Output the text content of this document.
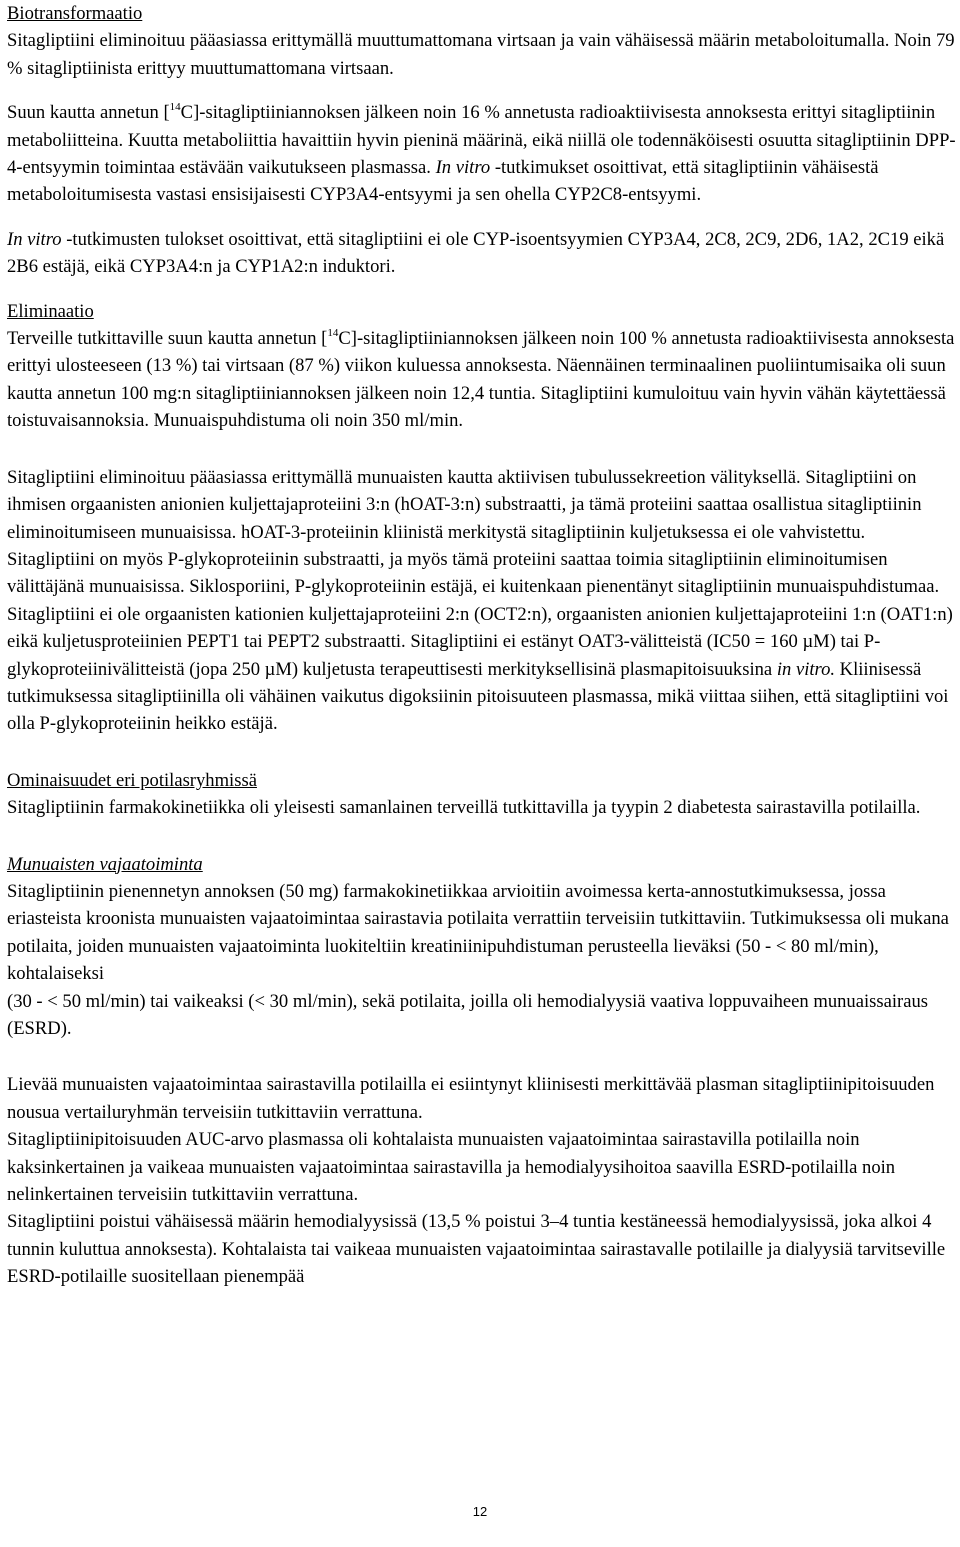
Biotransformaatio

Sitagliptiini eliminoituu pääasiassa erittymällä muuttumattomana virtsaan ja vain vähäisessä määrin metaboloitumalla. Noin 79 % sitagliptiinista erittyy muuttumattomana virtsaan.

Suun kautta annetun [$^{14}$C]-sitagliptiiniannoksen jälkeen noin 16 % annetusta radioaktiivisesta annoksesta erittyi sitagliptiinin metaboliitteina. Kuutta metaboliittia havaittiin hyvin pieninä määrinä, eikä niillä ole todennäköisesti osuutta sitagliptiinin DPP-4-entsyymin toimintaa estävään vaikutukseen plasmassa. In vitro -tutkimukset osoittivat, että sitagliptiinin vähäisestä metaboloitumisesta vastasi ensisijaisesti CYP3A4-entsyymi ja sen ohella CYP2C8-entsyymi.

In vitro -tutkimusten tulokset osoittivat, että sitagliptiini ei ole CYP-isoentsyymien CYP3A4, 2C8, 2C9, 2D6, 1A2, 2C19 eikä 2B6 estäjä, eikä CYP3A4:n ja CYP1A2:n induktori.

Eliminaatio

Terveille tutkittaville suun kautta annetun [$^{14}$C]-sitagliptiiniannoksen jälkeen noin 100 % annetusta radioaktiivisesta annoksesta erittyi ulosteeseen (13 %) tai virtsaan (87 %) viikon kuluessa annoksesta. Näennäinen terminaalinen puoliintumisaika oli suun kautta annetun 100 mg:n sitagliptiiniannoksen jälkeen noin 12,4 tuntia. Sitagliptiini kumuloituu vain hyvin vähän käytettäessä toistuvaisannoksia. Munuaispuhdistuma oli noin 350 ml/min.

Sitagliptiini eliminoituu pääasiassa erittymällä munuaisten kautta aktiivisen tubulussekreetion välityksellä. Sitagliptiini on ihmisen orgaanisten anionien kuljettajaproteiini 3:n (hOAT-3:n) substraatti, ja tämä proteiini saattaa osallistua sitagliptiinin eliminoitumiseen munuaisissa. hOAT-3-proteiinin kliinistä merkitystä sitagliptiinin kuljetuksessa ei ole vahvistettu. Sitagliptiini on myös P-glykoproteiinin substraatti, ja myös tämä proteiini saattaa toimia sitagliptiinin eliminoitumisen välittäjänä munuaisissa. Siklosporiini, P-glykoproteiinin estäjä, ei kuitenkaan pienentänyt sitagliptiinin munuaispuhdistumaa. Sitagliptiini ei ole orgaanisten kationien kuljettajaproteiini 2:n (OCT2:n), orgaanisten anionien kuljettajaproteiini 1:n (OAT1:n) eikä kuljetusproteiinien PEPT1 tai PEPT2 substraatti. Sitagliptiini ei estänyt OAT3-välitteistä (IC50 = 160 µM) tai P-glykoproteiinivälitteistä (jopa 250 µM) kuljetusta terapeuttisesti merkityksellisinä plasmapitoisuuksina in vitro. Kliinisessä tutkimuksessa sitagliptiinilla oli vähäinen vaikutus digoksiinin pitoisuuteen plasmassa, mikä viittaa siihen, että sitagliptiini voi olla P-glykoproteiinin heikko estäjä.

Ominaisuudet eri potilasryhmissä

Sitagliptiinin farmakokinetiikka oli yleisesti samanlainen terveillä tutkittavilla ja tyypin 2 diabetesta sairastavilla potilailla.

Munuaisten vajaatoiminta

Sitagliptiinin pienennetyn annoksen (50 mg) farmakokinetiikkaa arvioitiin avoimessa kerta-annostutkimuksessa, jossa eriasteista kroonista munuaisten vajaatoimintaa sairastavia potilaita verrattiin terveisiin tutkittaviin. Tutkimuksessa oli mukana potilaita, joiden munuaisten vajaatoiminta luokiteltiin kreatiniinipuhdistuman perusteella lieväksi (50 - < 80 ml/min), kohtalaiseksi

(30 - < 50 ml/min) tai vaikeaksi (< 30 ml/min), sekä potilaita, joilla oli hemodialyysiä vaativa loppuvaiheen munuaissairaus (ESRD).

Lievää munuaisten vajaatoimintaa sairastavilla potilailla ei esiintynyt kliinisesti merkittävää plasman sitagliptiinipitoisuuden nousua vertailuryhmän terveisiin tutkittaviin verrattuna.

Sitagliptiinipitoisuuden AUC-arvo plasmassa oli kohtalaista munuaisten vajaatoimintaa sairastavilla potilailla noin kaksinkertainen ja vaikeaa munuaisten vajaatoimintaa sairastavilla ja hemodialyysihoitoa saavilla ESRD-potilailla noin nelinkertainen terveisiin tutkittaviin verrattuna.

Sitagliptiini poistui vähäisessä määrin hemodialyysissä (13,5 % poistui 3–4 tuntia kestäneessä hemodialyysissä, joka alkoi 4 tunnin kuluttua annoksesta). Kohtalaista tai vaikeaa munuaisten vajaatoimintaa sairastavalle potilaille ja dialyysiä tarvitseville ESRD-potilaille suositellaan pienempää

12
